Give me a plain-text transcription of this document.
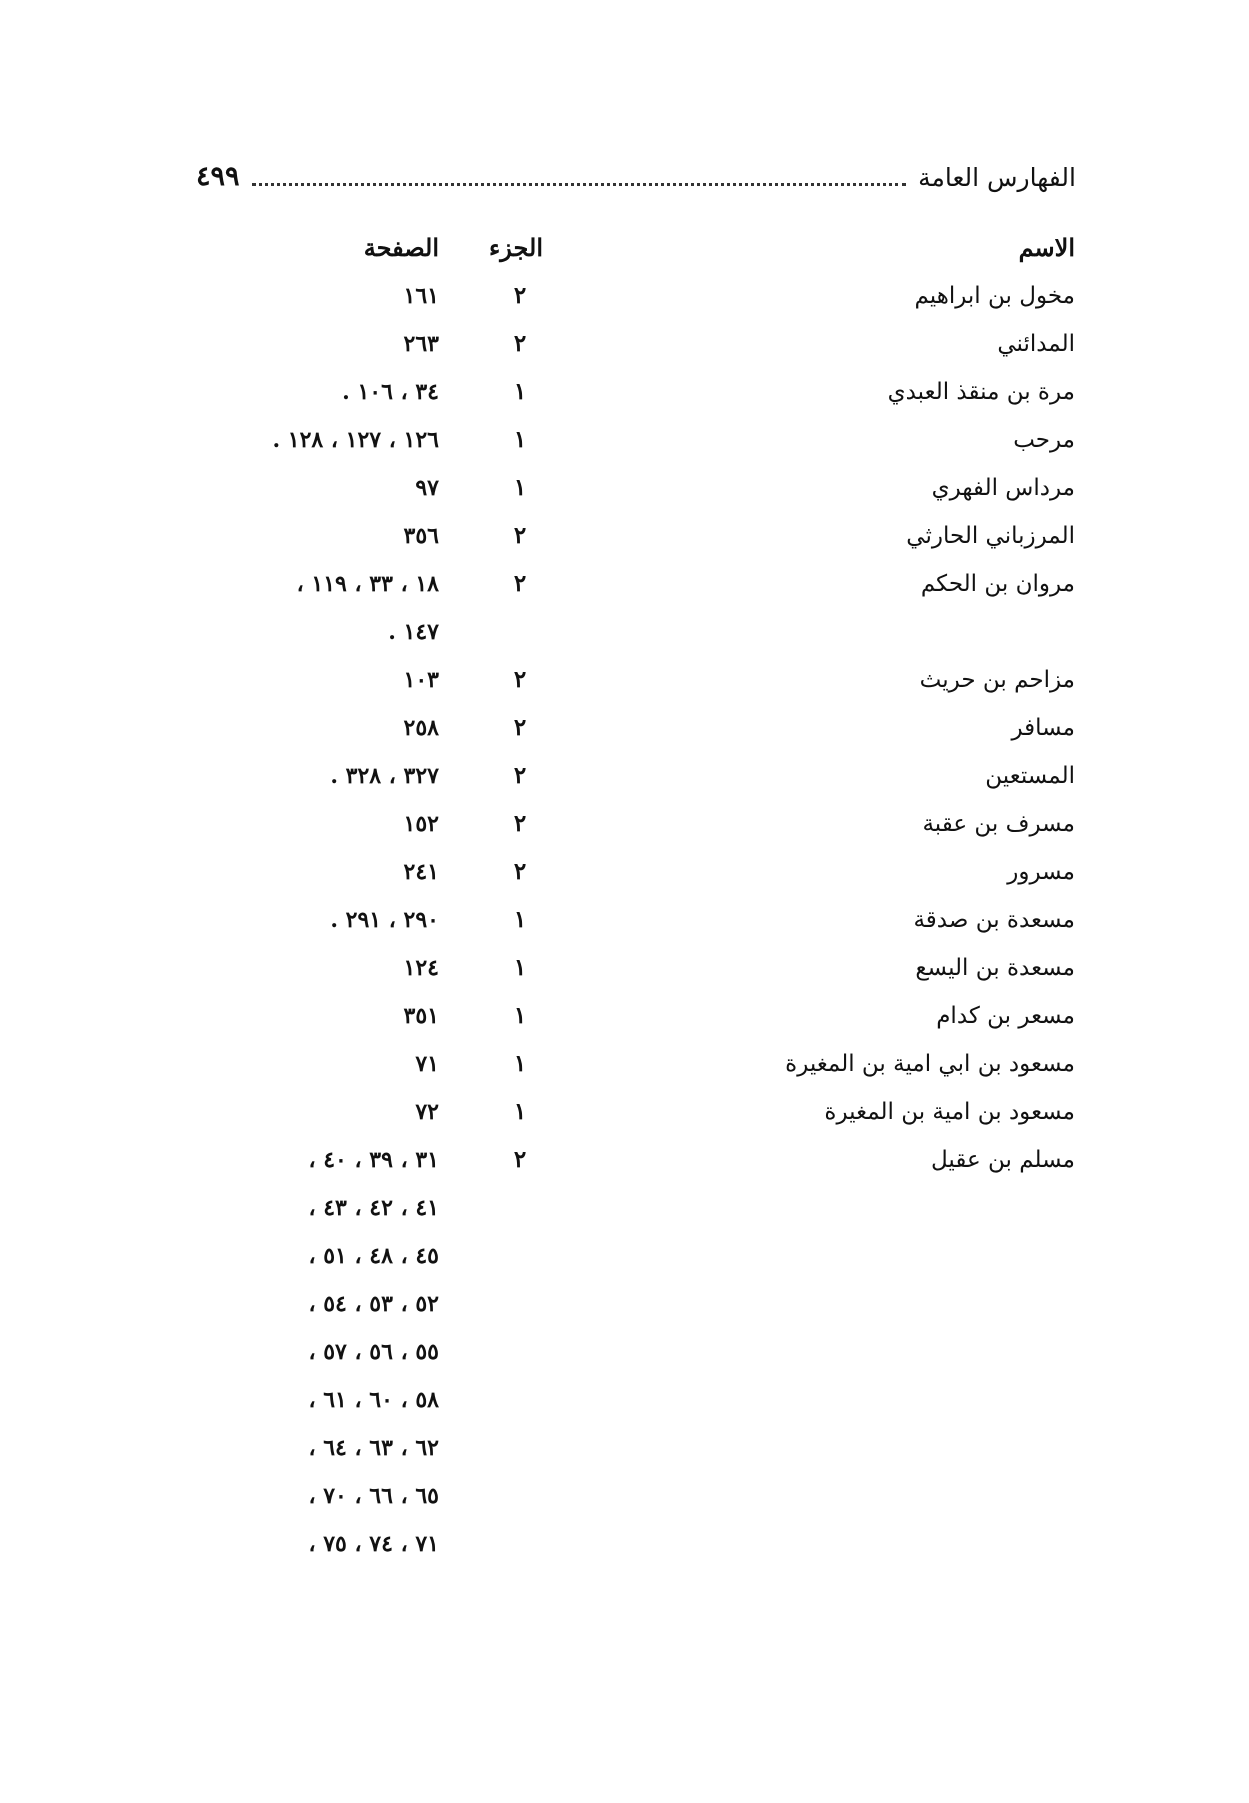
الفهارس العامة
٤٩٩
الاسم
الجزء
الصفحة
مخول بن ابراهيم
٢
١٦١
المدائني
٢
٢٦٣
مرة بن منقذ العبدي
١
٣٤ ، ١٠٦ .
مرحب
١
١٢٦ ، ١٢٧ ، ١٢٨ .
مرداس الفهري
١
٩٧
المرزباني الحارثي
٢
٣٥٦
مروان بن الحكم
٢
١٨ ، ٣٣ ، ١١٩ ،
١٤٧ .
مزاحم بن حريث
٢
١٠٣
مسافر
٢
٢٥٨
المستعين
٢
٣٢٧ ، ٣٢٨ .
مسرف بن عقبة
٢
١٥٢
مسرور
٢
٢٤١
مسعدة بن صدقة
١
٢٩٠ ، ٢٩١ .
مسعدة بن اليسع
١
١٢٤
مسعر بن كدام
١
٣٥١
مسعود بن ابي امية بن المغيرة
١
٧١
مسعود بن امية بن المغيرة
١
٧٢
مسلم بن عقيل
٢
٣١ ، ٣٩ ، ٤٠ ،
٤١ ، ٤٢ ، ٤٣ ،
٤٥ ، ٤٨ ، ٥١ ،
٥٢ ، ٥٣ ، ٥٤ ،
٥٥ ، ٥٦ ، ٥٧ ،
٥٨ ، ٦٠ ، ٦١ ،
٦٢ ، ٦٣ ، ٦٤ ،
٦٥ ، ٦٦ ، ٧٠ ،
٧١ ، ٧٤ ، ٧٥ ،
